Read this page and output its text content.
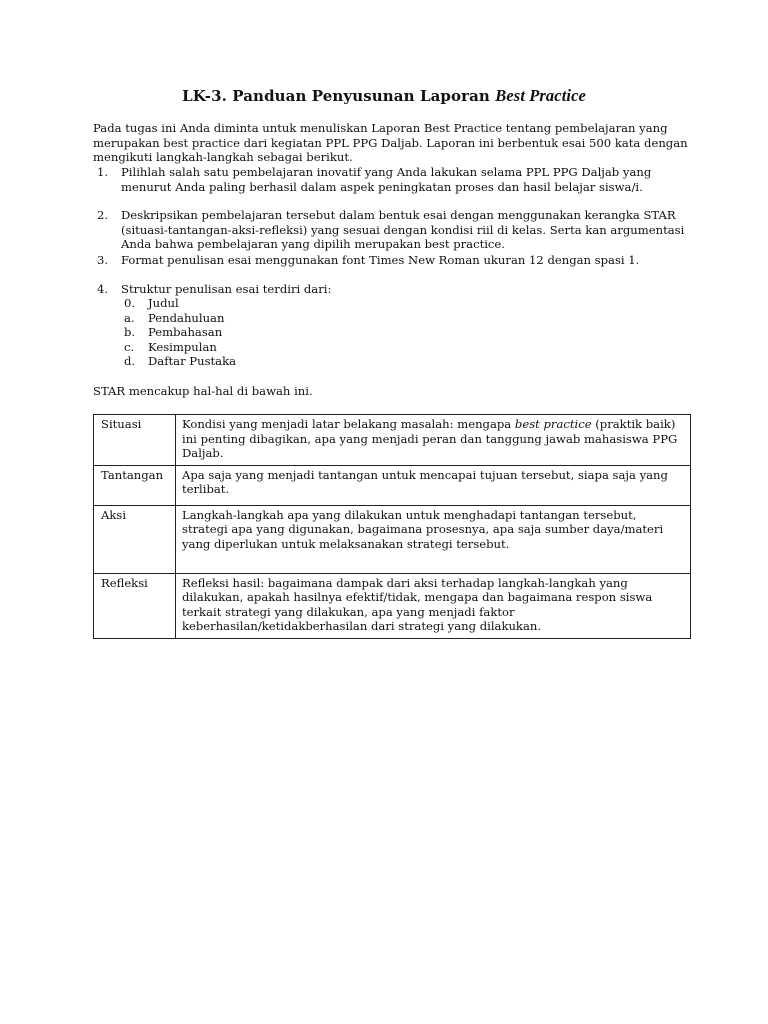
LK-3. Panduan Penyusunan Laporan Best Practice

Pada tugas ini Anda diminta untuk menuliskan Laporan Best Practice tentang pembelajaran yang merupakan best practice dari kegiatan PPL PPG Daljab. Laporan ini berbentuk esai 500 kata dengan mengikuti langkah-langkah sebagai berikut.

1. Pilihlah salah satu pembelajaran inovatif yang Anda lakukan selama PPL PPG Daljab yang menurut Anda paling berhasil dalam aspek peningkatan proses dan hasil belajar siswa/i.
2. Deskripsikan pembelajaran tersebut dalam bentuk esai dengan menggunakan kerangka STAR (situasi-tantangan-aksi-refleksi) yang sesuai dengan kondisi riil di kelas. Serta kan argumentasi Anda bahwa pembelajaran yang dipilih merupakan best practice.
3. Format penulisan esai menggunakan font Times New Roman ukuran 12 dengan spasi 1.
4. Struktur penulisan esai terdiri dari:
0. Judul
a. Pendahuluan
b. Pembahasan
c. Kesimpulan
d. Daftar Pustaka
STAR mencakup hal-hal di bawah ini.
Situasi	Kondisi yang menjadi latar belakang masalah: mengapa best practice (praktik baik) ini penting dibagikan, apa yang menjadi peran dan tanggung jawab mahasiswa PPG Daljab.
Tantangan	Apa saja yang menjadi tantangan untuk mencapai tujuan tersebut, siapa saja yang terlibat.
Aksi	Langkah-langkah apa yang dilakukan untuk menghadapi tantangan tersebut, strategi apa yang digunakan, bagaimana prosesnya, apa saja sumber daya/materi yang diperlukan untuk melaksanakan strategi tersebut.
Refleksi	Refleksi hasil: bagaimana dampak dari aksi terhadap langkah-langkah yang dilakukan, apakah hasilnya efektif/tidak, mengapa dan bagaimana respon siswa terkait strategi yang dilakukan, apa yang menjadi faktor keberhasilan/ketidakberhasilan dari strategi yang dilakukan.
